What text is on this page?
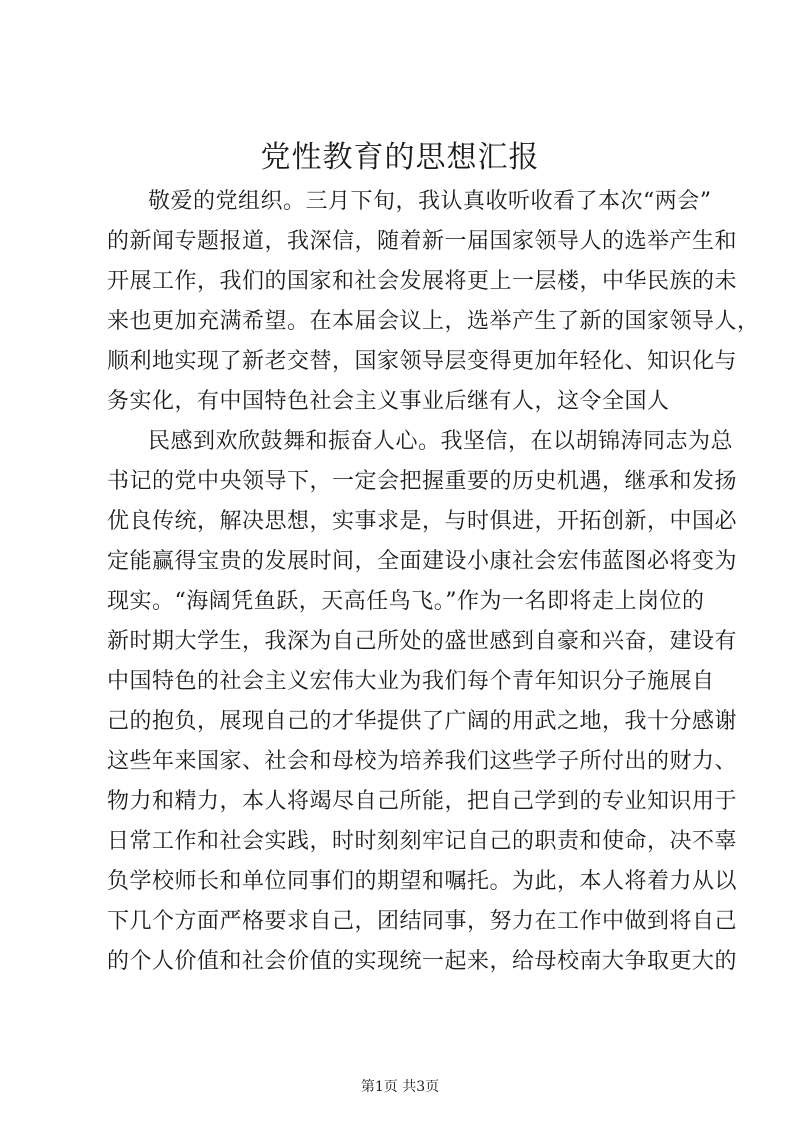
党性教育的思想汇报
敬爱的党组织。三月下旬，我认真收听收看了本次“两会”
的新闻专题报道，我深信，随着新一届国家领导人的选举产生和
开展工作，我们的国家和社会发展将更上一层楼，中华民族的未
来也更加充满希望。在本届会议上，选举产生了新的国家领导人，
顺利地实现了新老交替，国家领导层变得更加年轻化、知识化与
务实化，有中国特色社会主义事业后继有人，这令全国人
民感到欢欣鼓舞和振奋人心。我坚信，在以胡锦涛同志为总
书记的党中央领导下，一定会把握重要的历史机遇，继承和发扬
优良传统，解决思想，实事求是，与时俱进，开拓创新，中国必
定能赢得宝贵的发展时间，全面建设小康社会宏伟蓝图必将变为
现实。“海阔凭鱼跃，天高任鸟飞。”作为一名即将走上岗位的
新时期大学生，我深为自己所处的盛世感到自豪和兴奋，建设有
中国特色的社会主义宏伟大业为我们每个青年知识分子施展自
己的抱负，展现自己的才华提供了广阔的用武之地，我十分感谢
这些年来国家、社会和母校为培养我们这些学子所付出的财力、
物力和精力，本人将竭尽自己所能，把自己学到的专业知识用于
日常工作和社会实践，时时刻刻牢记自己的职责和使命，决不辜
负学校师长和单位同事们的期望和嘱托。为此，本人将着力从以
下几个方面严格要求自己，团结同事，努力在工作中做到将自己
的个人价值和社会价值的实现统一起来，给母校南大争取更大的
第1页 共3页
